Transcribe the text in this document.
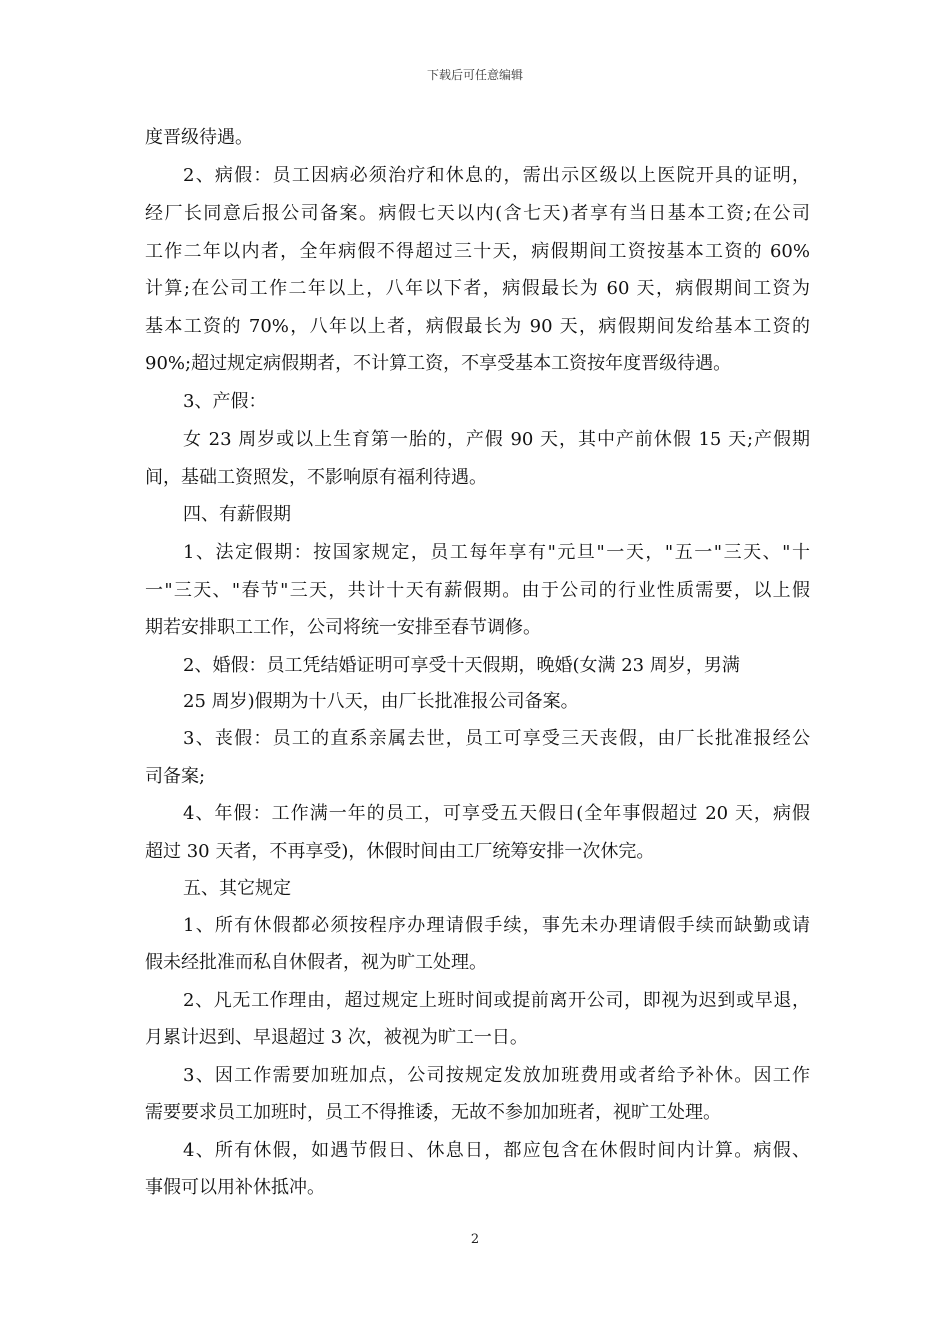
下载后可任意编辑
度晋级待遇。
2、病假：员工因病必须治疗和休息的，需出示区级以上医院开具的证明，
经厂长同意后报公司备案。病假七天以内(含七天)者享有当日基本工资;在公司
工作二年以内者，全年病假不得超过三十天，病假期间工资按基本工资的 60%
计算;在公司工作二年以上，八年以下者，病假最长为 60 天，病假期间工资为
基本工资的 70%，八年以上者，病假最长为 90 天，病假期间发给基本工资的
90%;超过规定病假期者，不计算工资，不享受基本工资按年度晋级待遇。
3、产假：
女 23 周岁或以上生育第一胎的，产假 90 天，其中产前休假 15 天;产假期
间，基础工资照发，不影响原有福利待遇。
四、有薪假期
1、法定假期：按国家规定，员工每年享有"元旦"一天，"五一"三天、"十
一"三天、"春节"三天，共计十天有薪假期。由于公司的行业性质需要，以上假
期若安排职工工作，公司将统一安排至春节调修。
2、婚假：员工凭结婚证明可享受十天假期，晚婚(女满 23 周岁，男满
25 周岁)假期为十八天，由厂长批准报公司备案。
3、丧假：员工的直系亲属去世，员工可享受三天丧假，由厂长批准报经公
司备案;
4、年假：工作满一年的员工，可享受五天假日(全年事假超过 20 天，病假
超过 30 天者，不再享受)，休假时间由工厂统筹安排一次休完。
五、其它规定
1、所有休假都必须按程序办理请假手续，事先未办理请假手续而缺勤或请
假未经批准而私自休假者，视为旷工处理。
2、凡无工作理由，超过规定上班时间或提前离开公司，即视为迟到或早退，
月累计迟到、早退超过 3 次，被视为旷工一日。
3、因工作需要加班加点，公司按规定发放加班费用或者给予补休。因工作
需要要求员工加班时，员工不得推诿，无故不参加加班者，视旷工处理。
4、所有休假，如遇节假日、休息日，都应包含在休假时间内计算。病假、
事假可以用补休抵冲。
2
